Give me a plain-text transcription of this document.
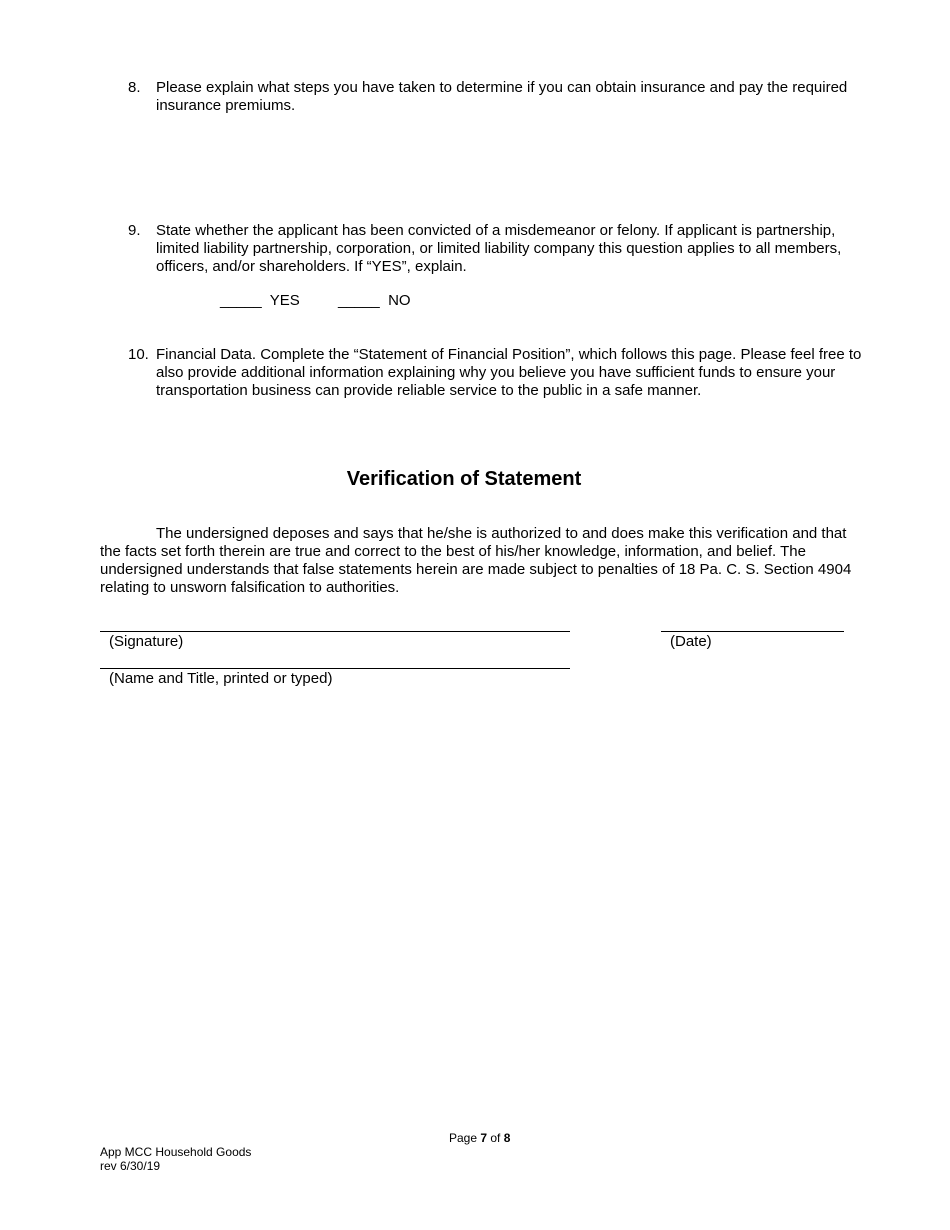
8. Please explain what steps you have taken to determine if you can obtain insurance and pay the required insurance premiums.
9. State whether the applicant has been convicted of a misdemeanor or felony. If applicant is partnership, limited liability partnership, corporation, or limited liability company this question applies to all members, officers, and/or shareholders. If “YES”, explain.
_____ YES	_____ NO
10. Financial Data. Complete the “Statement of Financial Position”, which follows this page. Please feel free to also provide additional information explaining why you believe you have sufficient funds to ensure your transportation business can provide reliable service to the public in a safe manner.
Verification of Statement
The undersigned deposes and says that he/she is authorized to and does make this verification and that the facts set forth therein are true and correct to the best of his/her knowledge, information, and belief. The undersigned understands that false statements herein are made subject to penalties of 18 Pa. C. S. Section 4904 relating to unsworn falsification to authorities.
(Signature)	(Date)
(Name and Title, printed or typed)
Page 7 of 8
App MCC Household Goods
rev 6/30/19
